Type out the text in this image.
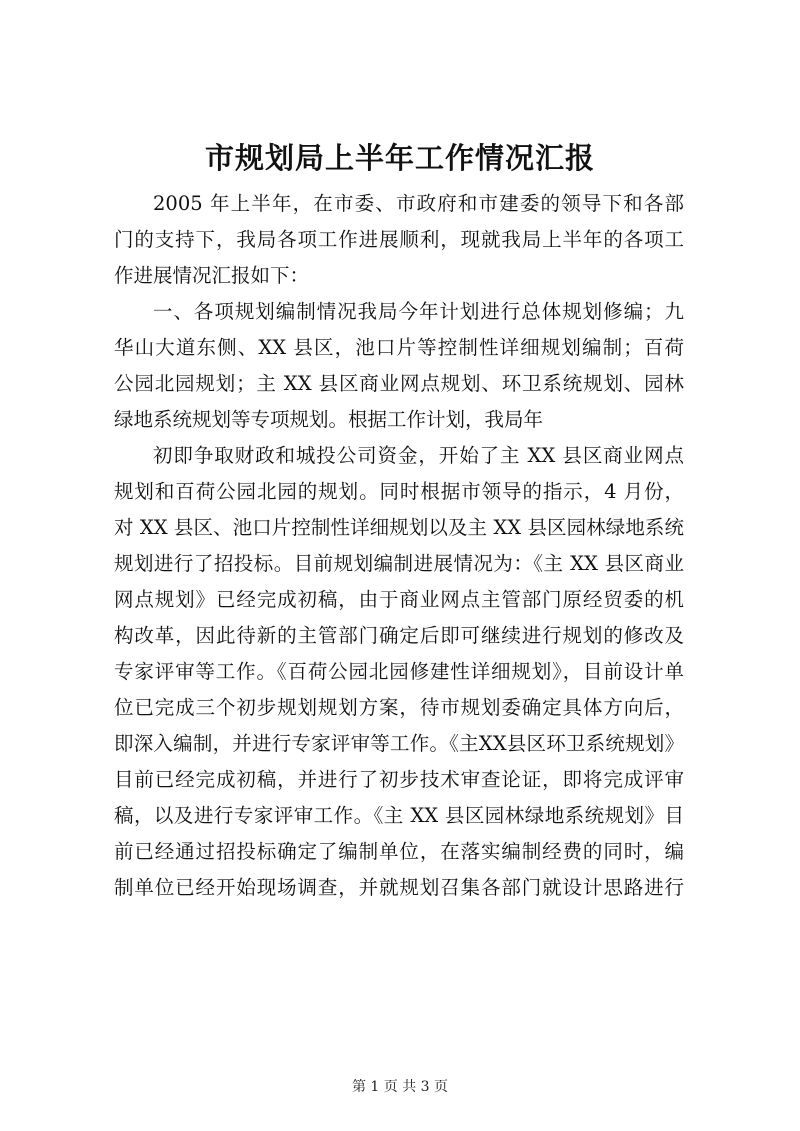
市规划局上半年工作情况汇报
2005 年上半年，在市委、市政府和市建委的领导下和各部
门的支持下，我局各项工作进展顺利，现就我局上半年的各项工
作进展情况汇报如下：
一、各项规划编制情况我局今年计划进行总体规划修编；九
华山大道东侧、XX 县区，池口片等控制性详细规划编制；百荷
公园北园规划；主 XX 县区商业网点规划、环卫系统规划、园林
绿地系统规划等专项规划。根据工作计划，我局年
初即争取财政和城投公司资金，开始了主 XX 县区商业网点
规划和百荷公园北园的规划。同时根据市领导的指示，4 月份，
对 XX 县区、池口片控制性详细规划以及主 XX 县区园林绿地系统
规划进行了招投标。目前规划编制进展情况为：《主 XX 县区商业
网点规划》已经完成初稿，由于商业网点主管部门原经贸委的机
构改革，因此待新的主管部门确定后即可继续进行规划的修改及
专家评审等工作。《百荷公园北园修建性详细规划》，目前设计单
位已完成三个初步规划规划方案，待市规划委确定具体方向后，
即深入编制，并进行专家评审等工作。《主XX县区环卫系统规划》
目前已经完成初稿，并进行了初步技术审查论证，即将完成评审
稿，以及进行专家评审工作。《主 XX 县区园林绿地系统规划》目
前已经通过招投标确定了编制单位，在落实编制经费的同时，编
制单位已经开始现场调查，并就规划召集各部门就设计思路进行
第 1 页 共 3 页
